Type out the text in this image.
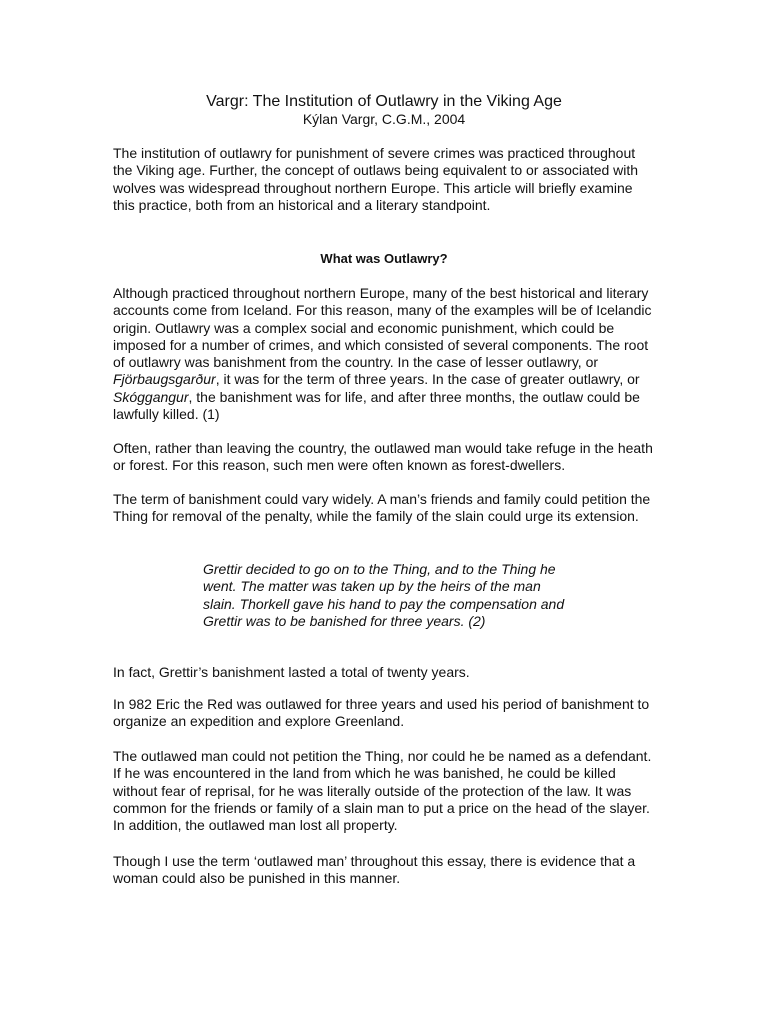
Vargr: The Institution of Outlawry in the Viking Age
Kýlan Vargr, C.G.M., 2004

The institution of outlawry for punishment of severe crimes was practiced throughout the Viking age. Further, the concept of outlaws being equivalent to or associated with wolves was widespread throughout northern Europe. This article will briefly examine this practice, both from an historical and a literary standpoint.

What was Outlawry?

Although practiced throughout northern Europe, many of the best historical and literary accounts come from Iceland. For this reason, many of the examples will be of Icelandic origin. Outlawry was a complex social and economic punishment, which could be imposed for a number of crimes, and which consisted of several components. The root of outlawry was banishment from the country. In the case of lesser outlawry, or Fjörbaugsgarður, it was for the term of three years. In the case of greater outlawry, or Skóggangur, the banishment was for life, and after three months, the outlaw could be lawfully killed. (1)

Often, rather than leaving the country, the outlawed man would take refuge in the heath or forest. For this reason, such men were often known as forest-dwellers.

The term of banishment could vary widely. A man’s friends and family could petition the Thing for removal of the penalty, while the family of the slain could urge its extension.

Grettir decided to go on to the Thing, and to the Thing he went. The matter was taken up by the heirs of the man slain. Thorkell gave his hand to pay the compensation and Grettir was to be banished for three years. (2)

In fact, Grettir’s banishment lasted a total of twenty years.

In 982 Eric the Red was outlawed for three years and used his period of banishment to organize an expedition and explore Greenland.

The outlawed man could not petition the Thing, nor could he be named as a defendant. If he was encountered in the land from which he was banished, he could be killed without fear of reprisal, for he was literally outside of the protection of the law. It was common for the friends or family of a slain man to put a price on the head of the slayer. In addition, the outlawed man lost all property.

Though I use the term ‘outlawed man’ throughout this essay, there is evidence that a woman could also be punished in this manner.
